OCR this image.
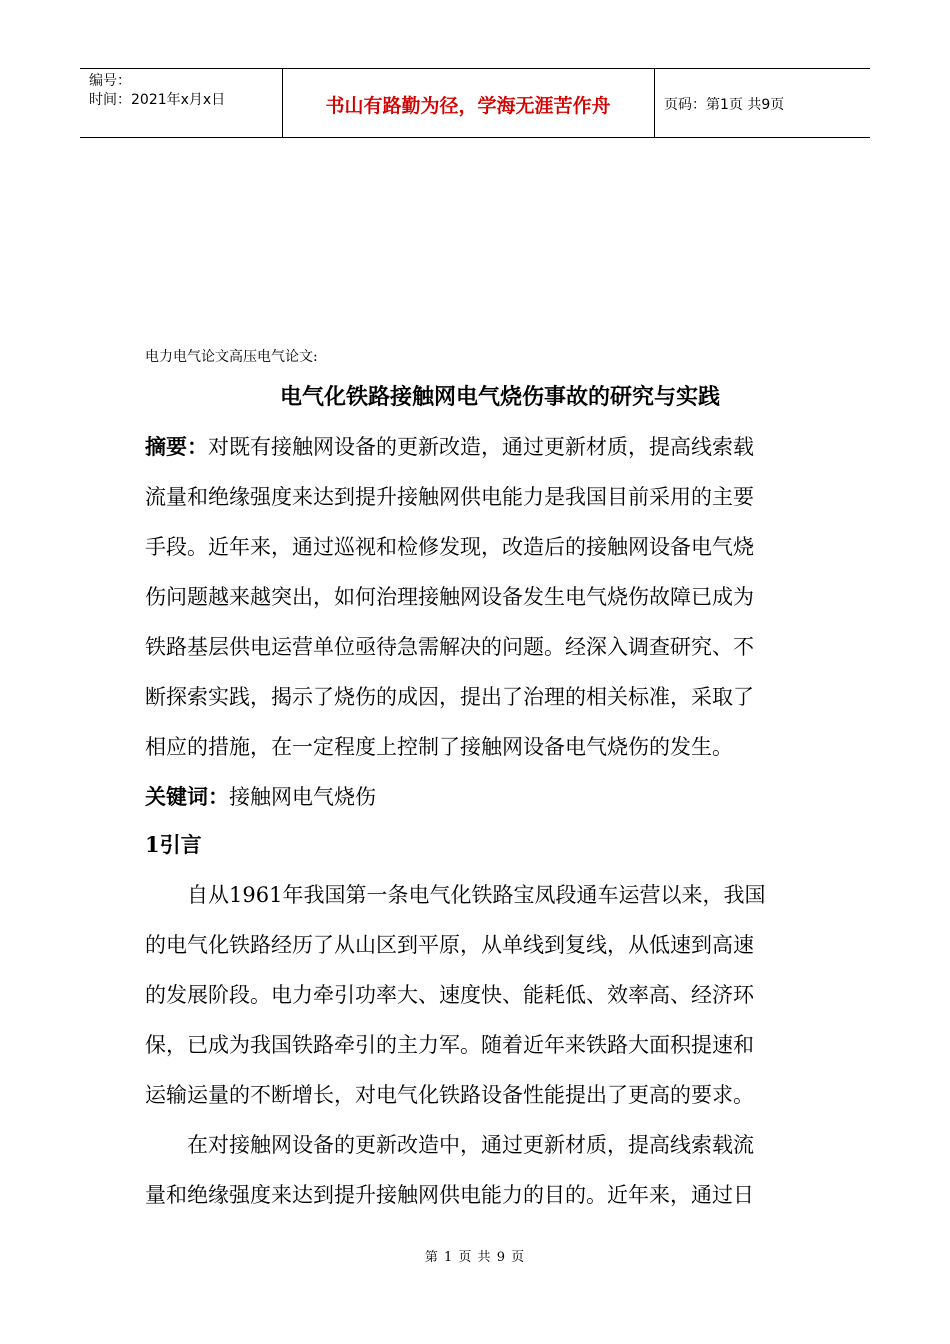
编号：
时间：2021年x月x日	书山有路勤为径，学海无涯苦作舟	页码：第1页 共9页
电力电气论文高压电气论文:
电气化铁路接触网电气烧伤事故的研究与实践
摘要：对既有接触网设备的更新改造，通过更新材质，提高线索载
流量和绝缘强度来达到提升接触网供电能力是我国目前采用的主要
手段。近年来，通过巡视和检修发现，改造后的接触网设备电气烧
伤问题越来越突出，如何治理接触网设备发生电气烧伤故障已成为
铁路基层供电运营单位亟待急需解决的问题。经深入调查研究、不
断探索实践，揭示了烧伤的成因，提出了治理的相关标准，采取了
相应的措施，在一定程度上控制了接触网设备电气烧伤的发生。
关键词：接触网电气烧伤
1引言
　　自从1961年我国第一条电气化铁路宝凤段通车运营以来，我国
的电气化铁路经历了从山区到平原，从单线到复线，从低速到高速
的发展阶段。电力牵引功率大、速度快、能耗低、效率高、经济环
保，已成为我国铁路牵引的主力军。随着近年来铁路大面积提速和
运输运量的不断增长，对电气化铁路设备性能提出了更高的要求。
　　在对接触网设备的更新改造中，通过更新材质，提高线索载流
量和绝缘强度来达到提升接触网供电能力的目的。近年来，通过日
第 1 页 共 9 页
